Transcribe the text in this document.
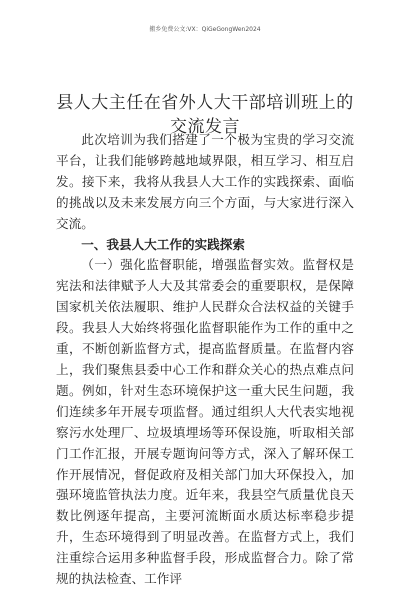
搬乡免费公文:VX：QiGeGongWen2024
县人大主任在省外人大干部培训班上的交流发言

此次培训为我们搭建了一个极为宝贵的学习交流平台，让我们能够跨越地域界限，相互学习、相互启发。接下来，我将从我县人大工作的实践探索、面临的挑战以及未来发展方向三个方面，与大家进行深入交流。

一、我县人大工作的实践探索

（一）强化监督职能，增强监督实效。监督权是宪法和法律赋予人大及其常委会的重要职权，是保障国家机关依法履职、维护人民群众合法权益的关键手段。我县人大始终将强化监督职能作为工作的重中之重，不断创新监督方式，提高监督质量。在监督内容上，我们聚焦县委中心工作和群众关心的热点难点问题。例如，针对生态环境保护这一重大民生问题，我们连续多年开展专项监督。通过组织人大代表实地视察污水处理厂、垃圾填埋场等环保设施，听取相关部门工作汇报，开展专题询问等方式，深入了解环保工作开展情况，督促政府及相关部门加大环保投入，加强环境监管执法力度。近年来，我县空气质量优良天数比例逐年提高，主要河流断面水质达标率稳步提升，生态环境得到了明显改善。在监督方式上，我们注重综合运用多种监督手段，形成监督合力。除了常规的执法检查、工作评
